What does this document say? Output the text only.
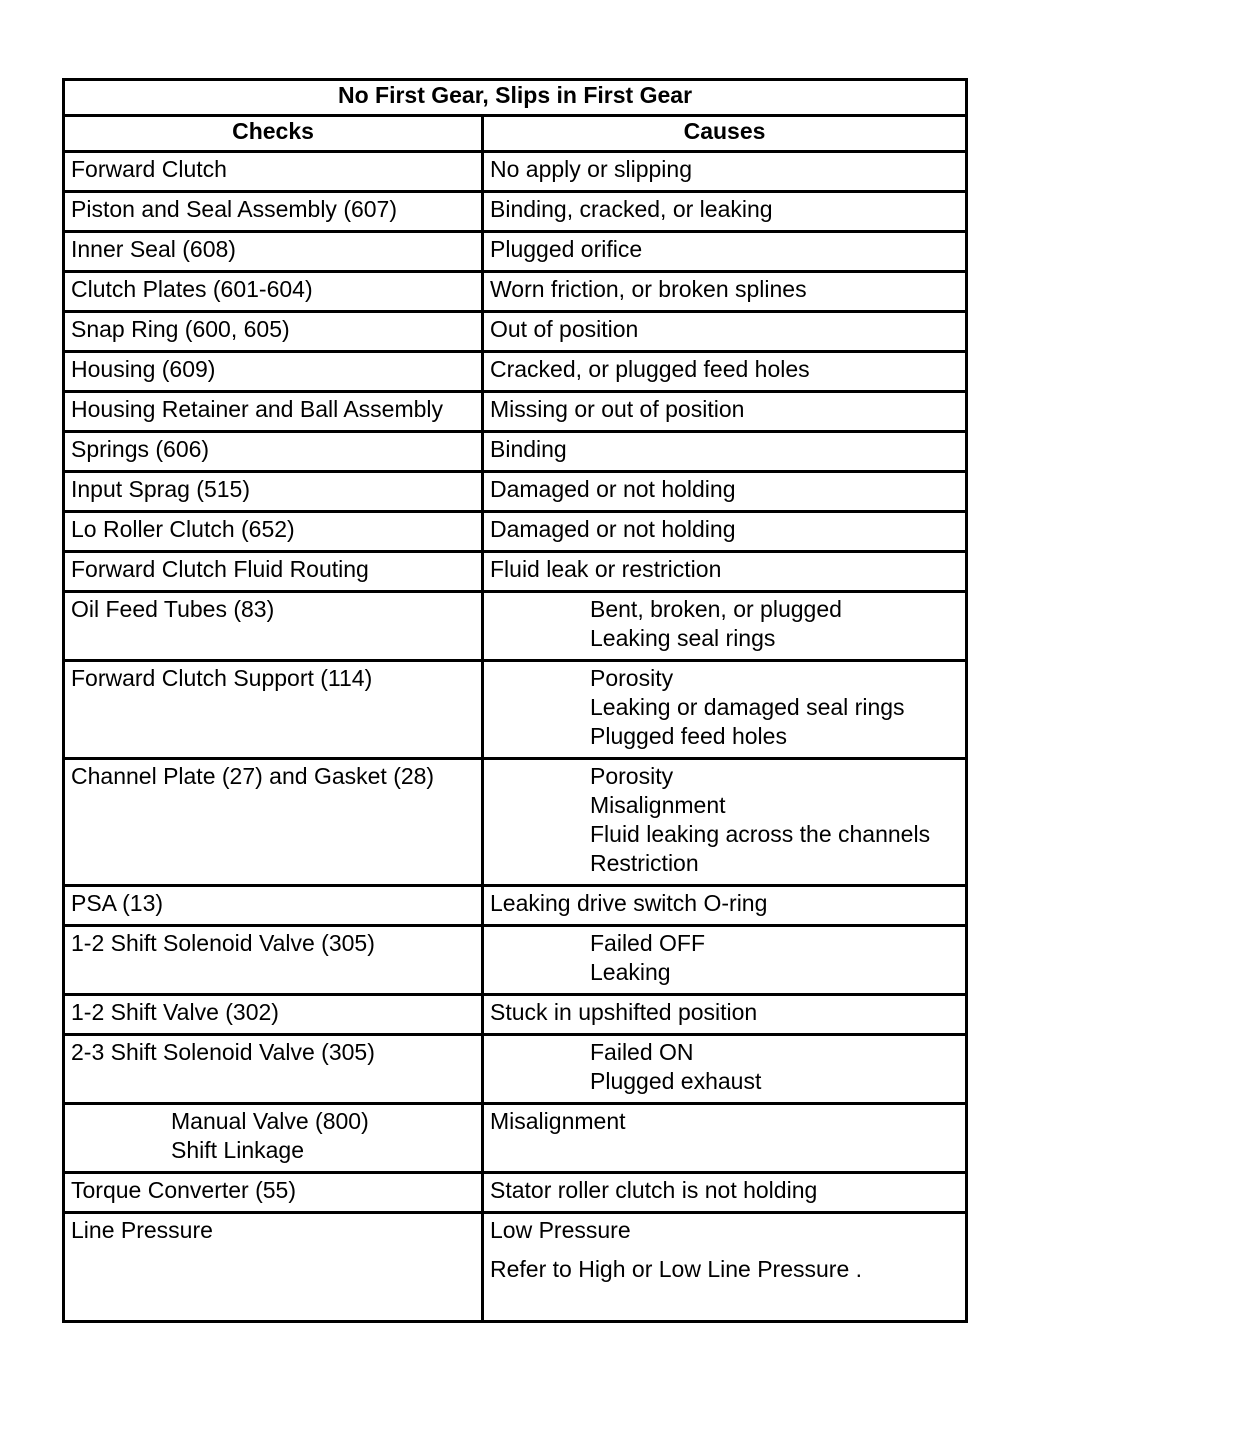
No First Gear, Slips in First Gear	
Checks	Causes

Forward Clutch	No apply or slipping

Piston and Seal Assembly (607)	Binding, cracked, or leaking

Inner Seal (608)	Plugged orifice

Clutch Plates (601-604)	Worn friction, or broken splines

Snap Ring (600, 605)	Out of position

Housing (609)	Cracked, or plugged feed holes

Housing Retainer and Ball Assembly	Missing or out of position

Springs (606)	Binding

Input Sprag (515)	Damaged or not holding

Lo Roller Clutch (652)	Damaged or not holding

Forward Clutch Fluid Routing	Fluid leak or restriction

Oil Feed Tubes (83)	Bent, broken, or plugged
Leaking seal rings

Forward Clutch Support (114)	Porosity
Leaking or damaged seal rings
Plugged feed holes

Channel Plate (27) and Gasket (28)	Porosity
Misalignment
Fluid leaking across the channels
Restriction

PSA (13)	Leaking drive switch O-ring

1-2 Shift Solenoid Valve (305)	Failed OFF
Leaking

1-2 Shift Valve (302)	Stuck in upshifted position

2-3 Shift Solenoid Valve (305)	Failed ON
Plugged exhaust

Manual Valve (800)
Shift Linkage	Misalignment

Torque Converter (55)	Stator roller clutch is not holding

Line Pressure	Low Pressure
Refer to High or Low Line Pressure .
